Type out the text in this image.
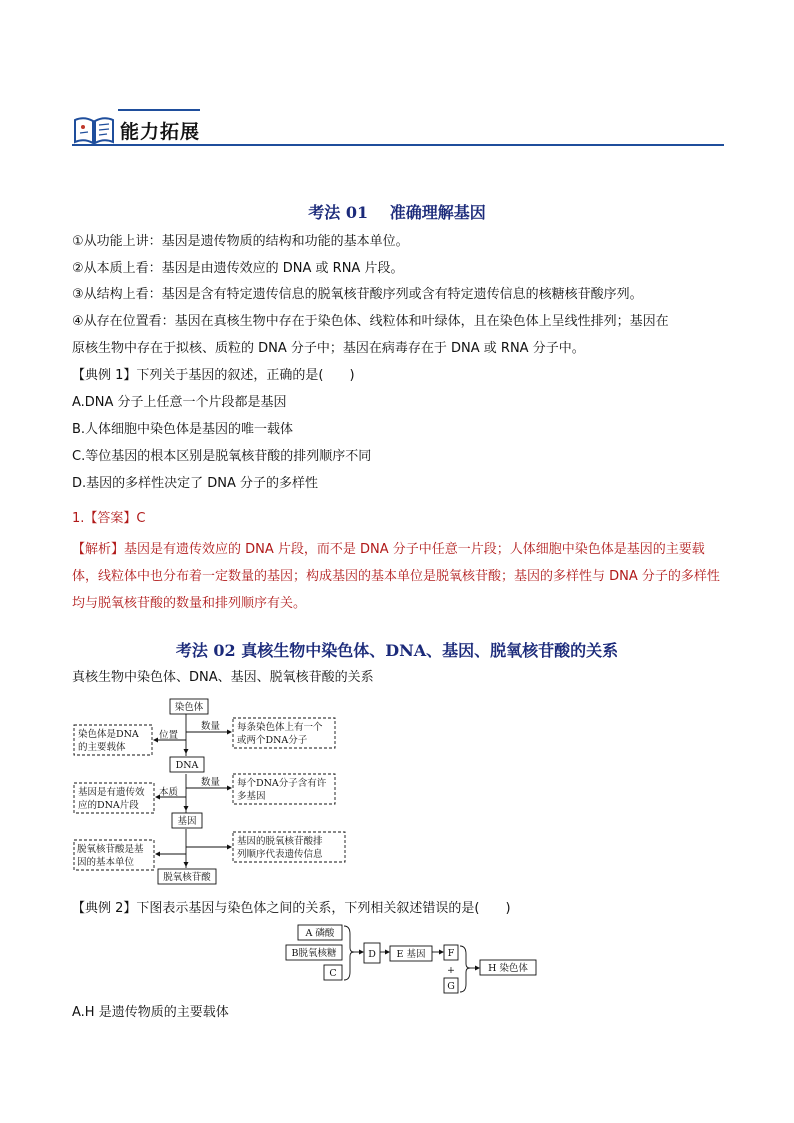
能力拓展
考法 01　 准确理解基因
①从功能上讲：基因是遗传物质的结构和功能的基本单位。
②从本质上看：基因是由遗传效应的 DNA 或 RNA 片段。
③从结构上看：基因是含有特定遗传信息的脱氧核苷酸序列或含有特定遗传信息的核糖核苷酸序列。
④从存在位置看：基因在真核生物中存在于染色体、线粒体和叶绿体，且在染色体上呈线性排列；基因在
原核生物中存在于拟核、质粒的 DNA 分子中；基因在病毒存在于 DNA 或 RNA 分子中。
【典例 1】下列关于基因的叙述，正确的是(　　)
A.DNA 分子上任意一个片段都是基因
B.人体细胞中染色体是基因的唯一载体
C.等位基因的根本区别是脱氧核苷酸的排列顺序不同
D.基因的多样性决定了 DNA 分子的多样性
1.【答案】C
【解析】基因是有遗传效应的 DNA 片段，而不是 DNA 分子中任意一片段；人体细胞中染色体是基因的主要载体，线粒体中也分布着一定数量的基因；构成基因的基本单位是脱氧核苷酸；基因的多样性与 DNA 分子的多样性均与脱氧核苷酸的数量和排列顺序有关。
考法 02 真核生物中染色体、DNA、基因、脱氧核苷酸的关系
真核生物中染色体、DNA、基因、脱氧核苷酸的关系
染色体
DNA
基因
脱氧核苷酸
染色体是DNA
的主要载体
基因是有遗传效
应的DNA片段
脱氧核苷酸是基
因的基本单位
位置
本质
数量
数量
每条染色体上有一个
或两个DNA分子
每个DNA分子含有许
多基因
基因的脱氧核苷酸排
列顺序代表遗传信息
【典例 2】下图表示基因与染色体之间的关系，下列相关叙述错误的是(　　)
A 磷酸
B脱氧核糖
C
D E 基因 F
G
H 染色体
+
A.H 是遗传物质的主要载体
